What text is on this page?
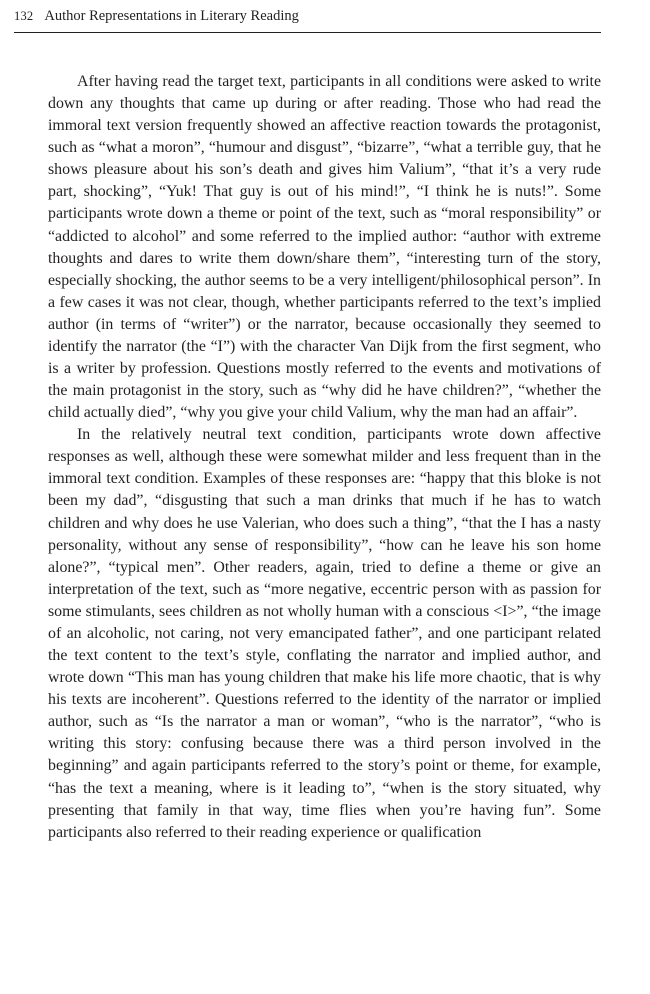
132 Author Representations in Literary Reading

After having read the target text, participants in all conditions were asked to write down any thoughts that came up during or after reading. Those who had read the immoral text version frequently showed an affective reaction towards the protagonist, such as “what a moron”, “humour and disgust”, “bizarre”, “what a terrible guy, that he shows pleasure about his son’s death and gives him Valium”, “that it’s a very rude part, shocking”, “Yuk! That guy is out of his mind!”, “I think he is nuts!”. Some participants wrote down a theme or point of the text, such as “moral responsibility” or “addicted to alcohol” and some referred to the implied author: “author with extreme thoughts and dares to write them down/share them”, “interesting turn of the story, especially shocking, the author seems to be a very intelligent/philosophical person”. In a few cases it was not clear, though, whether participants referred to the text’s implied author (in terms of “writer”) or the narrator, because occasionally they seemed to identify the narrator (the “I”) with the character Van Dijk from the first segment, who is a writer by profession. Questions mostly referred to the events and motivations of the main protagonist in the story, such as “why did he have children?”, “whether the child actually died”, “why you give your child Valium, why the man had an affair”.

In the relatively neutral text condition, participants wrote down affective responses as well, although these were somewhat milder and less frequent than in the immoral text condition. Examples of these responses are: “happy that this bloke is not been my dad”, “disgusting that such a man drinks that much if he has to watch children and why does he use Valerian, who does such a thing”, “that the I has a nasty personality, without any sense of responsibility”, “how can he leave his son home alone?”, “typical men”. Other readers, again, tried to define a theme or give an interpretation of the text, such as “more negative, eccentric person with as passion for some stimulants, sees children as not wholly human with a conscious <I>”, “the image of an alcoholic, not caring, not very emancipated father”, and one participant related the text content to the text’s style, conflating the narrator and implied author, and wrote down “This man has young children that make his life more chaotic, that is why his texts are incoherent”. Questions referred to the identity of the narrator or implied author, such as “Is the narrator a man or woman”, “who is the narrator”, “who is writing this story: confusing because there was a third person involved in the beginning” and again participants referred to the story’s point or theme, for example, “has the text a meaning, where is it leading to”, “when is the story situated, why presenting that family in that way, time flies when you’re having fun”. Some participants also referred to their reading experience or qualification
